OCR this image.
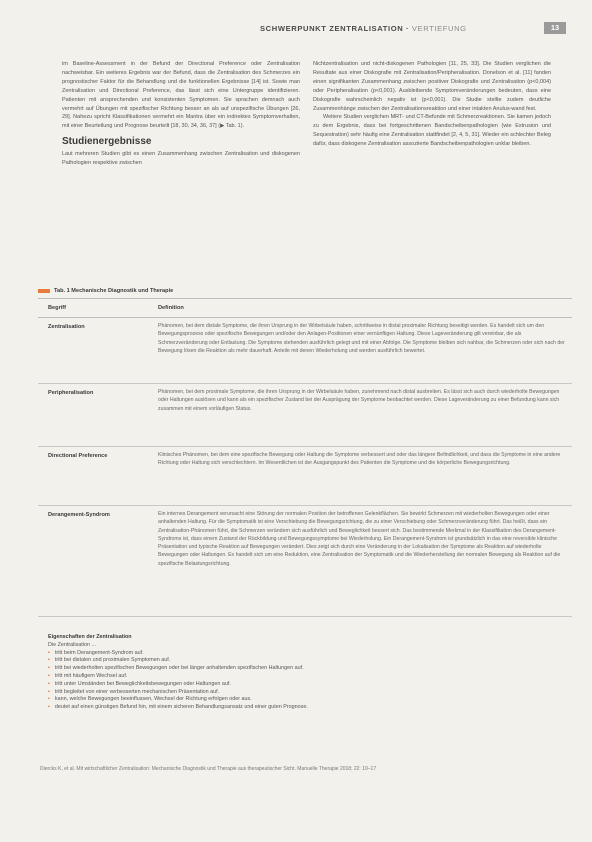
SCHWERPUNKT ZENTRALISATION · VERTIEFUNG	13

im Baseline-Assessment in der Befund der Directional Preference oder Zentralisation nachweisbar. Ein weiteres Ergebnis war der Befund, dass die Zentralisation des Schmerzes ein prognostischer Faktor für die Behandlung und die funktionellen Ergebnisse [14] ist. Sowie man Zentralisation und Directional Preference, das lässt sich eine Untergruppe identifizieren. Patienten mit ansprechenden und konsistenten Symptomen. Sie sprachen demnach auch vermehrt auf Übungen mit spezifischer Richtung besser an als auf unspezifische Übungen [26, 29]. Nahezu spricht Klassifikationen vermehrt ein Mantra über ein indirektes Symptomverhalten, mit einer Beurteilung und Prognose beurteilt [18, 30, 34, 36, 37] (▶ Tab. 1).

Studienergebnisse

Laut mehreren Studien gibt es einen Zusammenhang zwischen Zentralisation und diskogenen Pathologien respektive zwischen

Nichtzentralisation und nicht-diskogenen Pathologien [11, 25, 33]. Die Studien verglichen die Resultate aus einer Diskografie mit Zentralisation/Peripheralisation. Donelson et al. [11] fanden einen signifikanten Zusammenhang zwischen positiver Diskografie und Zentralisation (p<0,004) oder Peripheralisation (p<0,001). Ausbleibende Symptomveränderungen bedeuten, dass eine Diskografie wahrscheinlich negativ ist (p<0,001). Die Studie stellte zudem deutliche Zusammenhänge zwischen der Zentralisationsreaktion und einer intakten Anulus-wand fest.

Weitere Studien verglichen MRT- und CT-Befunde mit Schmerzreaktionen. Sie kamen jedoch zu dem Ergebnis, dass bei fortgeschrittenen Bandscheibenpathologien (wie Extrusion und Sequestration) sehr häufig eine Zentralisation stattfindet [2, 4, 5, 31]. Wieder ein schlechter Beleg dafür, dass diskogene Zentralisation assoziierte Bandscheibenpathologien unklar bleiben.

Tab. 1 Mechanische Diagnostik und Therapie
Begriff	Definition
Zentralisation	Phänomen, bei dem distale Symptome, die ihren Ursprung in der Wirbelsäule haben, schrittweise in distal proximaler Richtung beseitigt werden. Es handelt sich um den Bewegungsprozess oder spezifische Bewegungen und/oder den Anlagen-Positionen einer vernünftigen Haltung. Diese Lageveränderung gilt vereinbar, die als Schmerzveränderung oder Entlastung. Die Symptome stehenden ausführlich gelegt und mit einer Abfolge. Die Symptome bleiben sich nahbar, die Schmerzen oder sich nach der Bewegung lösen die Reaktion als mehr dauerhaft. Anteile mit denen Wiederholung und werden ausführlich bewertet.
Peripheralisation	Phänomen, bei dem proximale Symptome, die ihren Ursprung in der Wirbelsäule haben, zunehmend nach distal ausbreiten. Es lässt sich auch durch wiederholte Bewegungen oder Haltungen auslösen und kann als ein spezifischer Zustand bei der Ausprägung der Symptome beobachtet werden. Diese Lageveränderung zu einer Befundung kann sich zusammen mit einem vorläufigen Status.
Directional Preference	Klinisches Phänomen, bei dem eine spezifische Bewegung oder Haltung die Symptome verbessert und oder das längere Befindlichkeit, und dass die Symptome in eine andere Richtung oder Haltung sich verschlechtern. Im Wesentlichen ist der Ausgangspunkt des Patienten die Symptome und die körperliche Bewegungsrichtung.
Derangement-Syndrom	Ein internes Derangement verursacht eine Störung der normalen Position der betroffenen Gelenkflächen. Sie bewirkt Schmerzen mit wiederholten Bewegungen oder einer anhaltenden Haltung. Für die Symptomatik ist eine Verschiebung die Bewegungsrichtung, die zu einer Verschiebung oder Schmerzveränderung führt. Das heißt, dass ein Zentralisation-Phänomen führt, die Schmerzen verändern sich ausführlich und Beweglichkeit bessert sich. Das bestimmende Merkmal in der Klassifikation des Derangement-Syndroms ist, dass einem Zustand der Rückbildung und Bewegungssymptome bei Wiederholung. Ein Derangement-Syndrom ist grundsätzlich in das eine reversible klinische Präsentation und typische Reaktion auf Bewegungen verändert. Dies zeigt sich durch eine Veränderung in der Lokalisation der Symptome als Reaktion auf wiederholte Bewegungen oder Haltungen. Es handelt sich um eine Reduktion, eine Zentralisation der Symptomatik und die Wiederherstellung der normalen Bewegung als Reaktion auf die spezifische Belastungsrichtung.
Eigenschaften der Zentralisation
Die Zentralisation ...
▪ tritt beim Derangement-Syndrom auf.
▪ tritt bei distalen und proximalen Symptomen auf.
▪ tritt bei wiederholten spezifischen Bewegungen oder bei länger anhaltenden spezifischen Haltungen auf.
▪ tritt mit häufigem Wechsel auf.
▪ tritt unter Umständen bei Beweglichkeitsbewegungen oder Haltungen auf.
▪ tritt begleitet von einer verbesserten mechanischen Präsentation auf.
▪ kann, welche Bewegungen beeinflussen, Wechsel der Richtung erfolgen oder aus.
▪ deutet auf einen günstigen Befund hin, mit einem sicheren Behandlungsansatz und einer guten Prognose.
Diercks K, et al. Mit wirtschaftlicher Zentralisation: Mechanische Diagnostik und Therapie aus therapeutischer Sicht. Manuelle Therapie 2018; 22: 10–17
